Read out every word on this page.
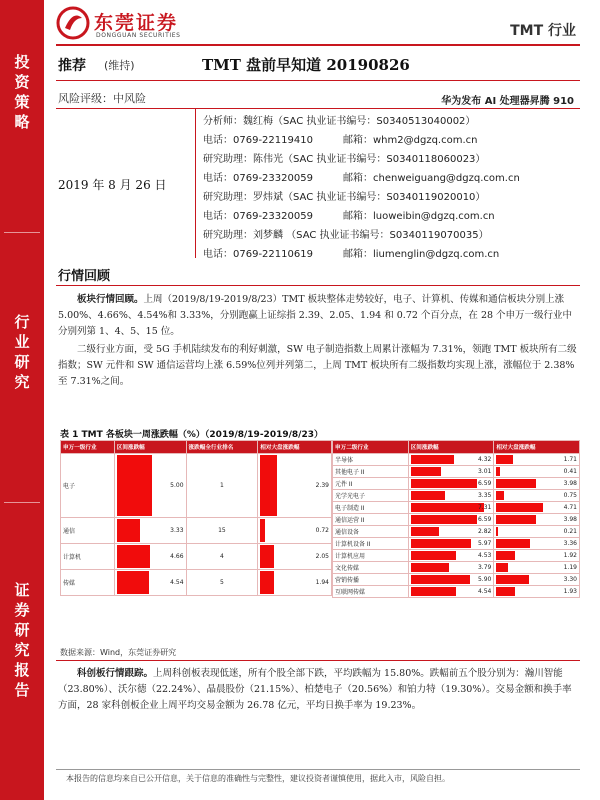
投资策略
行业研究
证券研究报告
东莞证券
DONGGUAN SECURITIES	TMT 行业
推荐 (维持)	TMT 盘前早知道 20190826
风险评级：中风险	华为发布 AI 处理器昇腾 910
2019 年 8 月 26 日
分析师：魏红梅（SAC 执业证书编号：S0340513040002）
电话：0769-22119410	邮箱：whm2@dgzq.com.cn
研究助理：陈伟光（SAC 执业证书编号：S0340118060023）
电话：0769-23320059	邮箱：chenweiguang@dgzq.com.cn
研究助理：罗炜斌（SAC 执业证书编号：S0340119020010）
电话：0769-23320059	邮箱：luoweibin@dgzq.com.cn
研究助理：刘梦麟 （SAC 执业证书编号：S0340119070035）
电话：0769-22110619	邮箱：liumenglin@dgzq.com.cn
行情回顾
板块行情回顾。上周（2019/8/19-2019/8/23）TMT 板块整体走势较好，电子、计算机、传媒和通信板块分别上涨 5.00%、4.66%、4.54%和 3.33%，分别跑赢上证综指 2.39、2.05、1.94 和 0.72 个百分点，在 28 个申万一级行业中分别列第 1、4、5、15 位。
二级行业方面，受 5G 手机陆续发布的利好刺激，SW 电子制造指数上周累计涨幅为 7.31%，领跑 TMT 板块所有二级指数；SW 元件和 SW 通信运营均上涨 6.59%位列并列第二，上周 TMT 板块所有二级指数均实现上涨，涨幅位于 2.38%至 7.31%之间。
表 1 TMT 各板块一周涨跌幅（%）（2019/8/19-2019/8/23）
申万一级行业	区间涨跌幅	涨跌幅全行业排名	相对大盘涨跌幅
电子	5.00	1	2.39

通信	3.33	15	0.72

计算机	4.66	4	2.05

传媒	4.54	5	1.94
申万二级行业	区间涨跌幅	相对大盘涨跌幅
半导体	4.32	1.71

其他电子 II	3.01	0.41

元件 II	6.59	3.98

光学光电子	3.35	0.75

电子制造 II	7.31	4.71

通信运营 II	6.59	3.98

通信设备	2.82	0.21

计算机设备 II	5.97	3.36

计算机应用	4.53	1.92

文化传媒	3.79	1.19

营销传播	5.90	3.30

互联网传媒	4.54	1.93
数据来源：Wind，东莞证券研究
科创板行情跟踪。上周科创板表现低迷，所有个股全部下跌，平均跌幅为 15.80%。跌幅前五个股分别为：瀚川智能（23.80%）、沃尔德（22.24%）、晶晨股份（21.15%）、柏楚电子（20.56%）和铂力特（19.30%）。交易金额和换手率方面，28 家科创板企业上周平均交易金额为 26.78 亿元，平均日换手率为 19.23%。
本报告的信息均来自已公开信息，关于信息的准确性与完整性，建议投资者谨慎使用，据此入市，风险自担。
